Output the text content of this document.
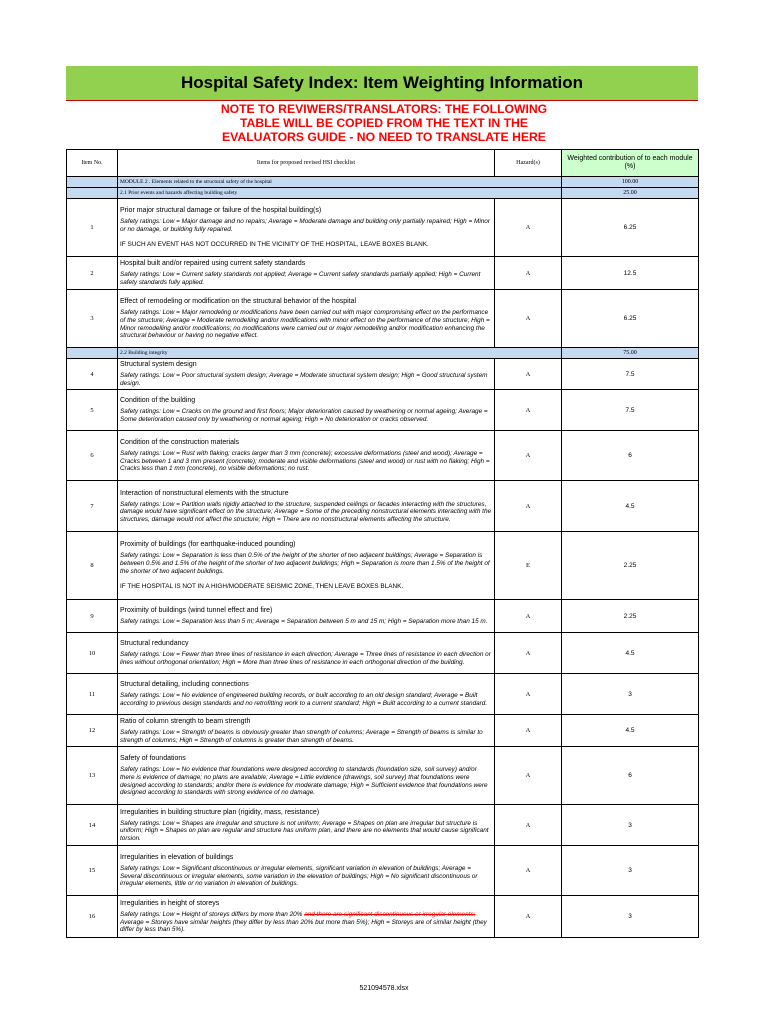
Hospital Safety Index: Item Weighting Information
NOTE TO REVIWERS/TRANSLATORS: THE FOLLOWING
TABLE WILL BE COPIED FROM THE TEXT IN THE
EVALUATORS GUIDE - NO NEED TO TRANSLATE HERE
Item No.	Items for proposed revised HSI checklist	Hazard(s)	Weighted contribution of to each module (%)
	MODULE 2 . Elements related to the structural safety of the hospital		100.00
	2.1 Prior events and hazards affecting building safety		25.00
1	Prior major structural damage or failure of the hospital building(s)
Safety ratings: Low = Major damage and no repairs; Average = Moderate damage and building only partially repaired; High = Minor or no damage, or building fully repaired.
IF SUCH AN EVENT HAS NOT OCCURRED IN THE VICINITY OF THE HOSPITAL, LEAVE BOXES BLANK.	A	6.25
2	Hospital built and/or repaired using current safety standards
Safety ratings: Low = Current safety standards not applied; Average = Current safety standards partially applied; High = Current safety standards fully applied.	A	12.5
3	Effect of remodeling or modification on the structural behavior of the hospital
Safety ratings: Low = Major remodeling or modifications have been carried out with major compromising effect on the performance of the structure; Average = Moderate remodelling and/or modifications with minor effect on the performance of the structure; High = Minor remodelling and/or modifications; no modifications were carried out or major remodelling and/or modification enhancing the structural behaviour or having no negative effect.	A	6.25
	2.2 Building integrity		75.00
4	Structural system design
Safety ratings: Low = Poor structural system design; Average = Moderate structural system design; High = Good structural system design.	A	7.5
5	Condition of the building
Safety ratings: Low = Cracks on the ground and first floors; Major deterioration caused by weathering or normal ageing; Average = Some deterioration caused only by weathering or normal ageing; High = No deterioration or cracks observed.	A	7.5
6	Condition of the construction materials
Safety ratings: Low = Rust with flaking; cracks larger than 3 mm (concrete); excessive deformations (steel and wood); Average = Cracks between 1 and 3 mm present (concrete); moderate and visible deformations (steel and wood) or rust with no flaking; High = Cracks less than 1 mm (concrete), no visible deformations; no rust.	A	6
7	Interaction of nonstructural elements with the structure
Safety ratings: Low = Partition walls rigidly attached to the structure, suspended ceilings or facades interacting with the structures, damage would have significant effect on the structure; Average = Some of the preceding nonstructural elements interacting with the structures, damage would not affect the structure; High = There are no nonstructural elements affecting the structure.	A	4.5
8	Proximity of buildings (for earthquake-induced pounding)
Safety ratings: Low = Separation is less than 0.5% of the height of the shorter of two adjacent buildings; Average = Separation is between 0.5% and 1.5% of the height of the shorter of two adjacent buildings; High = Separation is more than 1.5% of the height of the shorter of two adjacent buildings.
IF THE HOSPITAL IS NOT IN A HIGH/MODERATE SEISMIC ZONE, THEN LEAVE BOXES BLANK.	E	2.25
9	Proximity of buildings (wind tunnel effect and fire)
Safety ratings: Low = Separation less than 5 m; Average = Separation between 5 m and 15 m; High = Separation more than 15 m.	A	2.25
10	Structural redundancy
Safety ratings: Low = Fewer than three lines of resistance in each direction; Average = Three lines of resistance in each direction or lines without orthogonal orientation; High = More than three lines of resistance in each orthogonal direction of the building.	A	4.5
11	Structural detailing, including connections
Safety ratings: Low = No evidence of engineered building records, or built according to an old design standard; Average = Built according to previous design standards and no retrofitting work to a current standard; High = Built according to a current standard.	A	3
12	Ratio of column strength to beam strength
Safety ratings: Low = Strength of beams is obviously greater than strength of columns; Average = Strength of beams is similar to strength of columns; High = Strength of columns is greater than strength of beams.	A	4.5
13	Safety of foundations
Safety ratings: Low = No evidence that foundations were designed according to standards (foundation size, soil survey) and/or there is evidence of damage; no plans are available; Average = Little evidence (drawings, soil survey) that foundations were designed according to standards; and/or there is evidence for moderate damage; High = Sufficient evidence that foundations were designed according to standards with strong evidence of no damage.	A	6
14	Irregularities in building structure plan (rigidity, mass, resistance)
Safety ratings: Low = Shapes are irregular and structure is not uniform; Average = Shapes on plan are irregular but structure is uniform; High = Shapes on plan are regular and structure has uniform plan, and there are no elements that would cause significant torsion.	A	3
15	Irregularities in elevation of buildings
Safety ratings: Low = Significant discontinuous or irregular elements, significant variation in elevation of buildings; Average = Several discontinuous or irregular elements, some variation in the elevation of buildings; High = No significant discontinuous or irregular elements, little or no variation in elevation of buildings.	A	3
16	Irregularities in height of storeys
Safety ratings: Low = Height of storeys differs by more than 20% and there are significant discontinuous or irregular elements; Average = Storeys have similar heights (they differ by less than 20% but more than 5%); High = Storeys are of similar height (they differ by less than 5%).	A	3
521094578.xlsx
